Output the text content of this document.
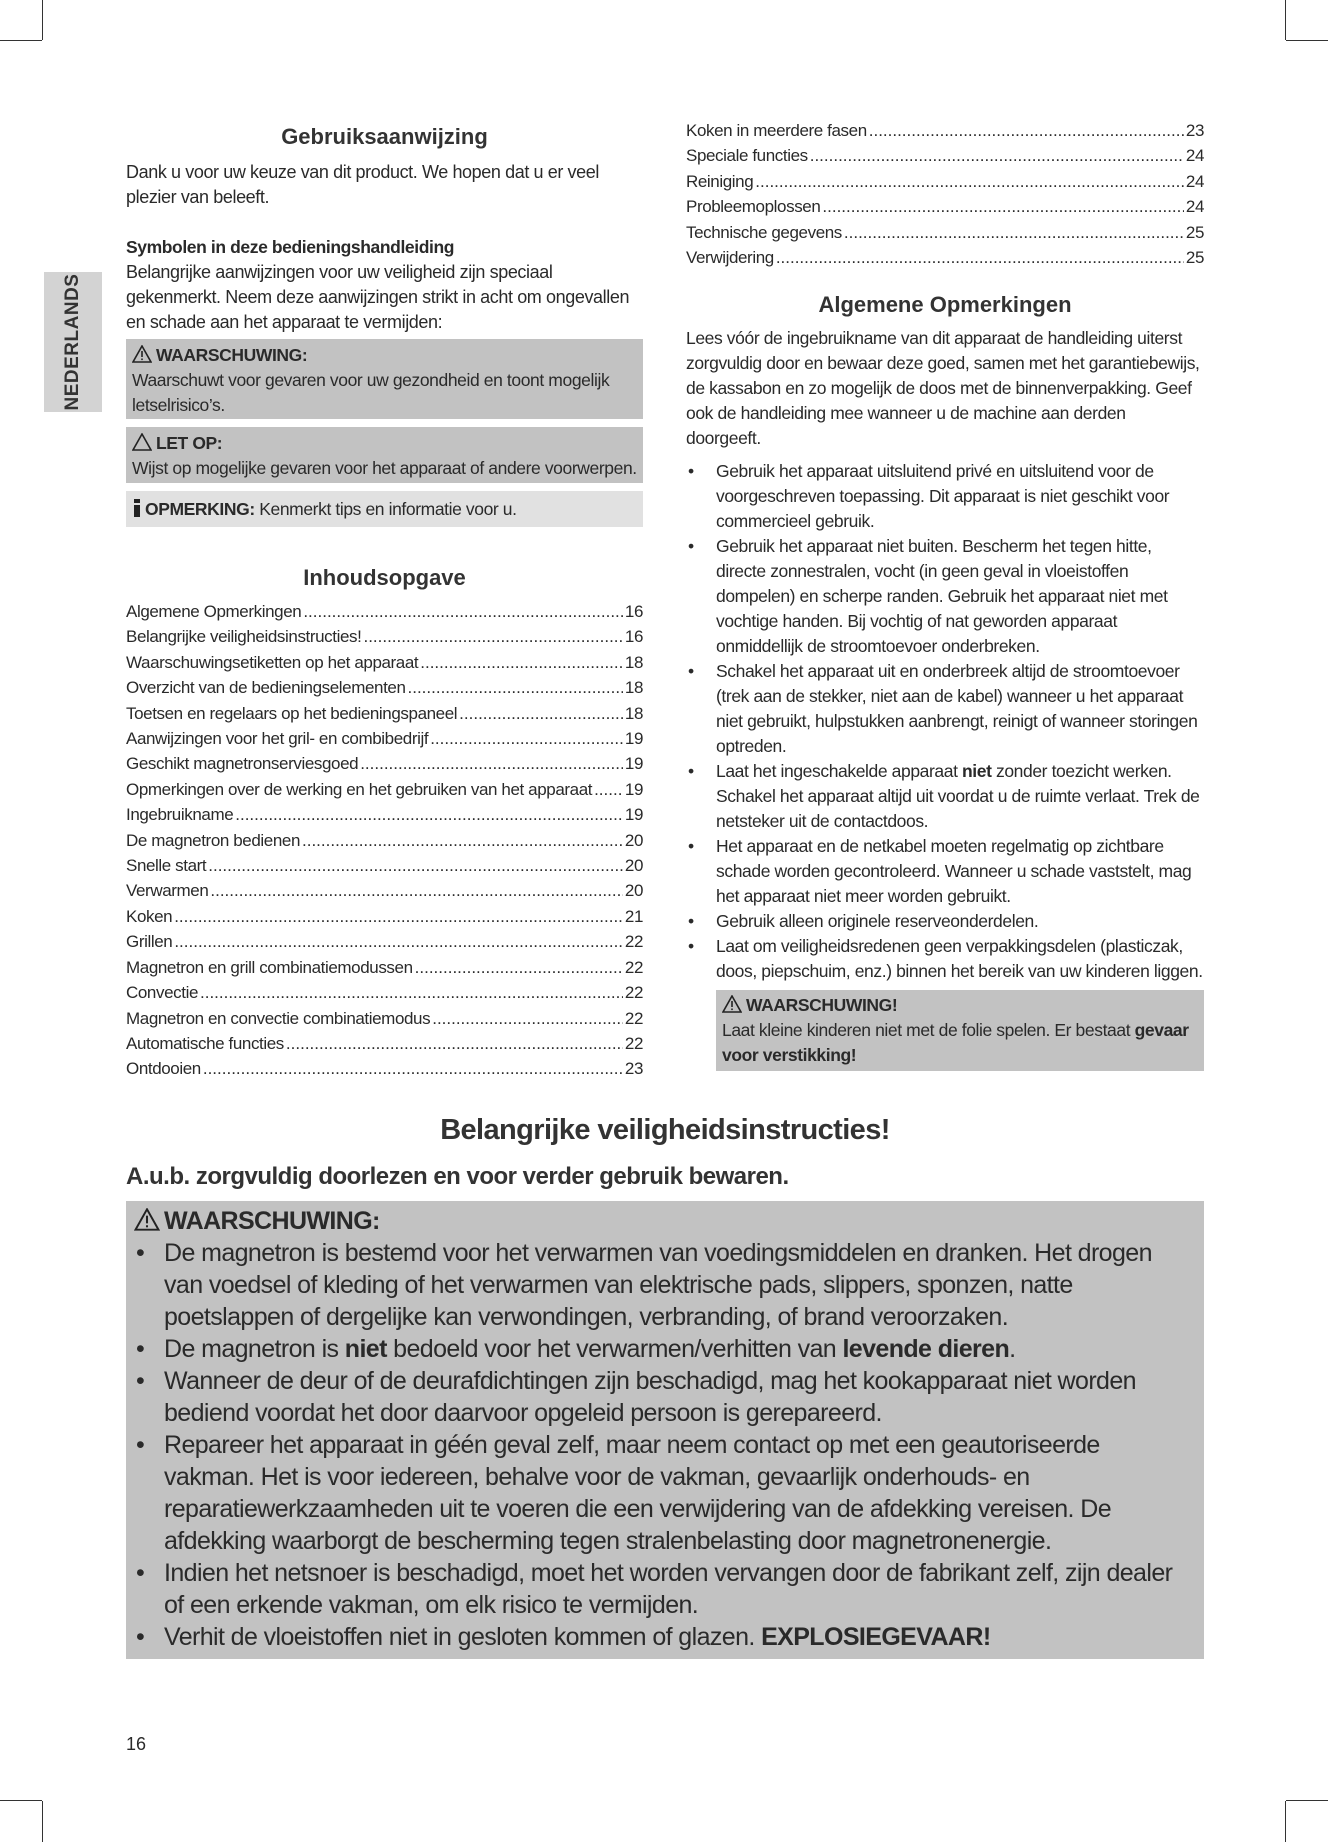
NEDERLANDS
Gebruiksaanwijzing

Dank u voor uw keuze van dit product. We hopen dat u er veel plezier van beleeft.

Symbolen in deze bedieningshandleiding

Belangrijke aanwijzingen voor uw veiligheid zijn speciaal gekenmerkt. Neem deze aanwijzingen strikt in acht om ongevallen en schade aan het apparaat te vermijden:

WAARSCHUWING:
Waarschuwt voor gevaren voor uw gezondheid en toont mogelijk letselrisico’s.
LET OP:
Wijst op mogelijke gevaren voor het apparaat of andere voorwerpen.
OPMERKING: Kenmerkt tips en informatie voor u.
Inhoudsopgave
Algemene Opmerkingen .....	16
Belangrijke veiligheidsinstructies! .....	16
Waarschuwingsetiketten op het apparaat .....	18
Overzicht van de bedieningselementen .....	18
Toetsen en regelaars op het bedieningspaneel .....	18
Aanwijzingen voor het gril- en combibedrijf .....	19
Geschikt magnetronserviesgoed .....	19
Opmerkingen over de werking en het gebruiken van het apparaat ..... 19
Ingebruikname .....	19
De magnetron bedienen .....	20
Snelle start .....	20
Verwarmen .....	20
Koken .....	21
Grillen .....	22
Magnetron en grill combinatiemodussen .....	22
Convectie .....	22
Magnetron en convectie combinatiemodus .....	22
Automatische functies .....	22
Ontdooien .....	23
Koken in meerdere fasen .....	23
Speciale functies .....	24
Reiniging .....	24
Probleemoplossen .....	24
Technische gegevens .....	25
Verwijdering .....	25
Algemene Opmerkingen

Lees vóór de ingebruikname van dit apparaat de handleiding uiterst zorgvuldig door en bewaar deze goed, samen met het garantiebewijs, de kassabon en zo mogelijk de doos met de binnenverpakking. Geef ook de handleiding mee wanneer u de machine aan derden doorgeeft.

• Gebruik het apparaat uitsluitend privé en uitsluitend voor de voorgeschreven toepassing. Dit apparaat is niet geschikt voor commercieel gebruik.
• Gebruik het apparaat niet buiten. Bescherm het tegen hitte, directe zonnestralen, vocht (in geen geval in vloeistoffen dompelen) en scherpe randen. Gebruik het apparaat niet met vochtige handen. Bij vochtig of nat geworden apparaat onmiddellijk de stroomtoevoer onderbreken.
• Schakel het apparaat uit en onderbreek altijd de stroomtoevoer (trek aan de stekker, niet aan de kabel) wanneer u het apparaat niet gebruikt, hulpstukken aanbrengt, reinigt of wanneer storingen optreden.
• Laat het ingeschakelde apparaat niet zonder toezicht werken. Schakel het apparaat altijd uit voordat u de ruimte verlaat. Trek de netsteker uit de contactdoos.
• Het apparaat en de netkabel moeten regelmatig op zichtbare schade worden gecontroleerd. Wanneer u schade vaststelt, mag het apparaat niet meer worden gebruikt.
• Gebruik alleen originele reserveonderdelen.
• Laat om veiligheidsredenen geen verpakkingsdelen (plasticzak, doos, piepschuim, enz.) binnen het bereik van uw kinderen liggen.
WAARSCHUWING!
Laat kleine kinderen niet met de folie spelen. Er bestaat gevaar voor verstikking!
Belangrijke veiligheidsinstructies!
A.u.b. zorgvuldig doorlezen en voor verder gebruik bewaren.
WAARSCHUWING:
• De magnetron is bestemd voor het verwarmen van voedingsmiddelen en dranken. Het drogen van voedsel of kleding of het verwarmen van elektrische pads, slippers, sponzen, natte poetslappen of dergelijke kan verwondingen, verbranding, of brand veroorzaken.
• De magnetron is niet bedoeld voor het verwarmen/verhitten van levende dieren.
• Wanneer de deur of de deurafdichtingen zijn beschadigd, mag het kookapparaat niet worden bediend voordat het door daarvoor opgeleid persoon is gerepareerd.
• Repareer het apparaat in géén geval zelf, maar neem contact op met een geautoriseerde vakman. Het is voor iedereen, behalve voor de vakman, gevaarlijk onderhouds- en reparatiewerkzaamheden uit te voeren die een verwijdering van de afdekking vereisen. De afdekking waarborgt de bescherming tegen stralenbelasting door magnetronenergie.
• Indien het netsnoer is beschadigd, moet het worden vervangen door de fabrikant zelf, zijn dealer of een erkende vakman, om elk risico te vermijden.
• Verhit de vloeistoffen niet in gesloten kommen of glazen. EXPLOSIEGEVAAR!
16
